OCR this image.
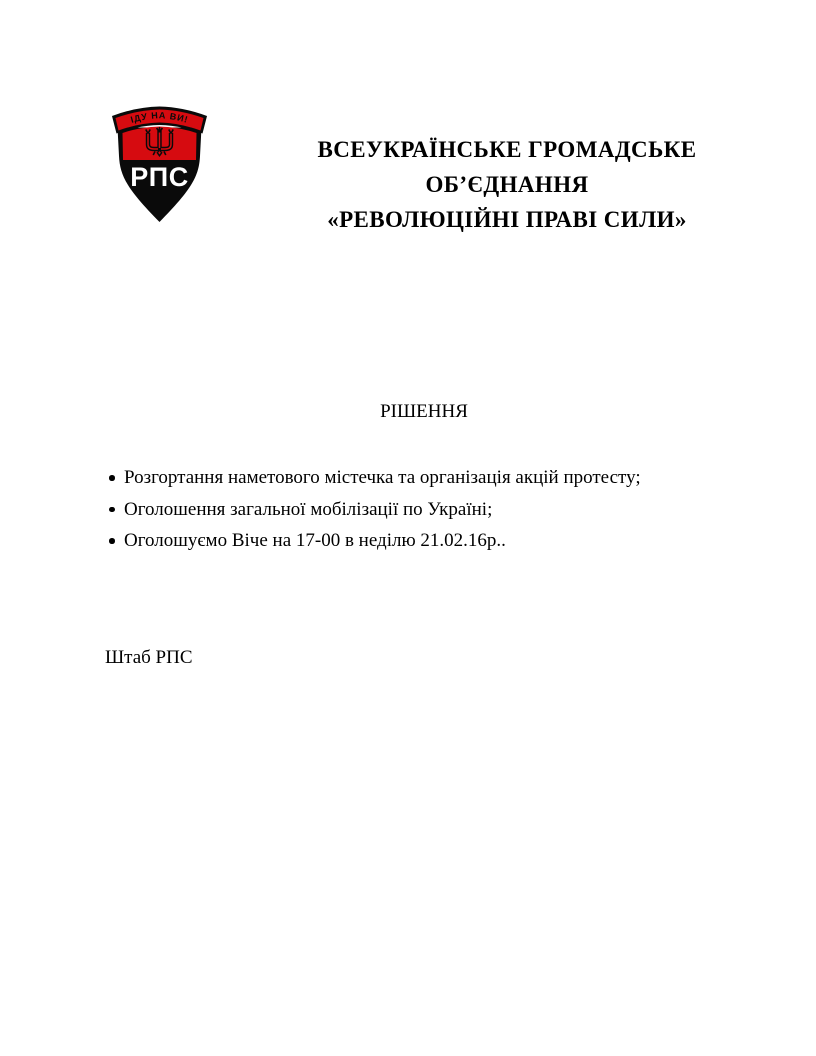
ІДУ НА ВИ!
РПС
ВСЕУКРАЇНСЬКЕ ГРОМАДСЬКЕ
ОБ’ЄДНАННЯ
«РЕВОЛЮЦІЙНІ ПРАВІ СИЛИ»
РІШЕННЯ
Розгортання наметового містечка та організація акцій протесту;
Оголошення загальної мобілізації по Україні;
Оголошуємо Віче на 17-00 в неділю 21.02.16р..
Штаб РПС
